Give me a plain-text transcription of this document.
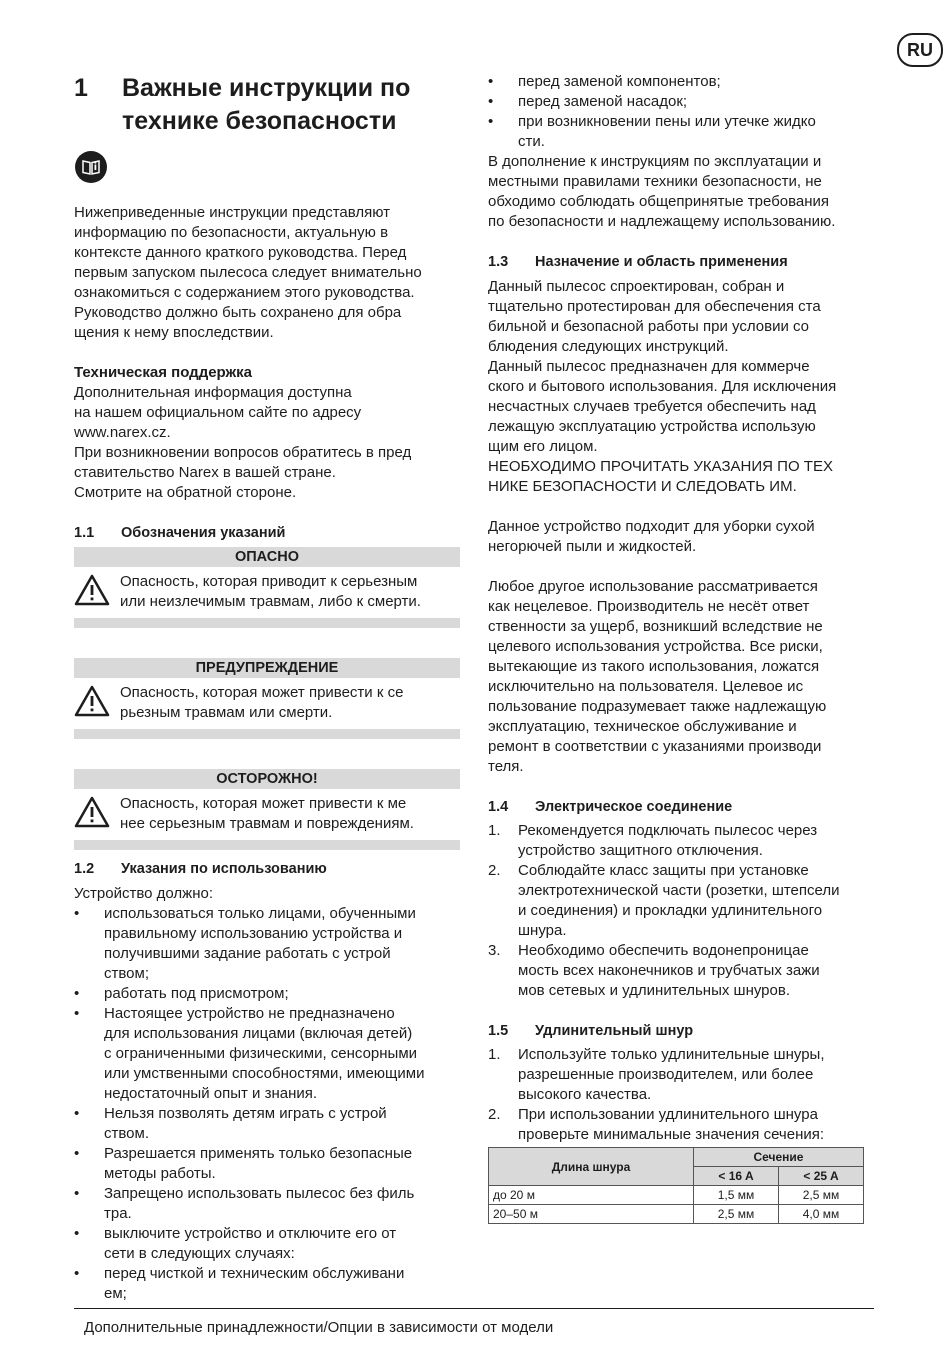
RU
1	Важные инструкции по
технике безопасности

Нижеприведенные инструкции представляют

информацию по безопасности, актуальную в

контексте данного краткого руководства. Перед

первым запуском пылесоса следует внимательно

ознакомиться с содержанием этого руководства.

Руководство должно быть сохранено для обра

щения к нему впоследствии.

Техническая поддержка

Дополнительная информация доступна

на нашем официальном сайте по адресу

www.narex.cz.

При возникновении вопросов обратитесь в пред

ставительство Narex в вашей стране.

Смотрите на обратной стороне.

1.1	Обозначения указаний
ОПАСНО

Опасность, которая приводит к серьезным

или неизлечимым травмам, либо к смерти.

ПРЕДУПРЕЖДЕНИЕ

Опасность, которая может привести к се

рьезным травмам или смерти.

ОСТОРОЖНО!

Опасность, которая может привести к ме

нее серьезным травмам и повреждениям.

1.2	Указания по использованию

Устройство должно:

•	использоваться только лицами, обученными

правильному использованию устройства и

получившими задание работать с устрой

ством;

•	работать под присмотром;

•	Настоящее устройство не предназначено

для использования лицами (включая детей)

с ограниченными физическими, сенсорными

или умственными способностями, имеющими

недостаточный опыт и знания.

•	Нельзя позволять детям играть с устрой

ством.

•	Разрешается применять только безопасные

методы работы.

•	Запрещено использовать пылесос без филь

тра.

•	выключите устройство и отключите его от

сети в следующих случаях:

•	перед чисткой и техническим обслуживани

ем;

•	перед заменой компонентов;

•	перед заменой насадок;

•	при возникновении пены или утечке жидко

сти.

В дополнение к инструкциям по эксплуатации и

местными правилами техники безопасности, не

обходимо соблюдать общепринятые требования

по безопасности и надлежащему использованию.

1.3	Назначение и область применения

Данный пылесос спроектирован, собран и

тщательно протестирован для обеспечения ста

бильной и безопасной работы при условии со

блюдения следующих инструкций.

Данный пылесос предназначен для коммерче

ского и бытового использования. Для исключения

несчастных случаев требуется обеспечить над

лежащую эксплуатацию устройства использую

щим его лицом.

НЕОБХОДИМО ПРОЧИТАТЬ УКАЗАНИЯ ПО ТЕХ

НИКЕ БЕЗОПАСНОСТИ И СЛЕДОВАТЬ ИМ.

Данное устройство подходит для уборки сухой

негорючей пыли и жидкостей.

Любое другое использование рассматривается

как нецелевое. Производитель не несёт ответ

ственности за ущерб, возникший вследствие не

целевого использования устройства. Все риски,

вытекающие из такого использования, ложатся

исключительно на пользователя. Целевое ис

пользование подразумевает также надлежащую

эксплуатацию, техническое обслуживание и

ремонт в соответствии с указаниями производи

теля.

1.4	Электрическое соединение
1.	Рекомендуется подключать пылесос через

устройство защитного отключения.

2.	Соблюдайте класс защиты при установке

электротехнической части (розетки, штепсели

и соединения) и прокладки удлинительного

шнура.

3.	Необходимо обеспечить водонепроницае

мость всех наконечников и трубчатых зажи

мов сетевых и удлинительных шнуров.

1.5	Удлинительный шнур
1.	Используйте только удлинительные шнуры,

разрешенные производителем, или более

высокого качества.

2.	При использовании удлинительного шнура

проверьте минимальные значения сечения:

Длина шнура	Сечение	
	< 16 A	< 25 A
до 20 м	1,5 мм	2,5 мм
20–50 м	2,5 мм	4,0 мм
Дополнительные принадлежности/Опции в зависимости от модели
